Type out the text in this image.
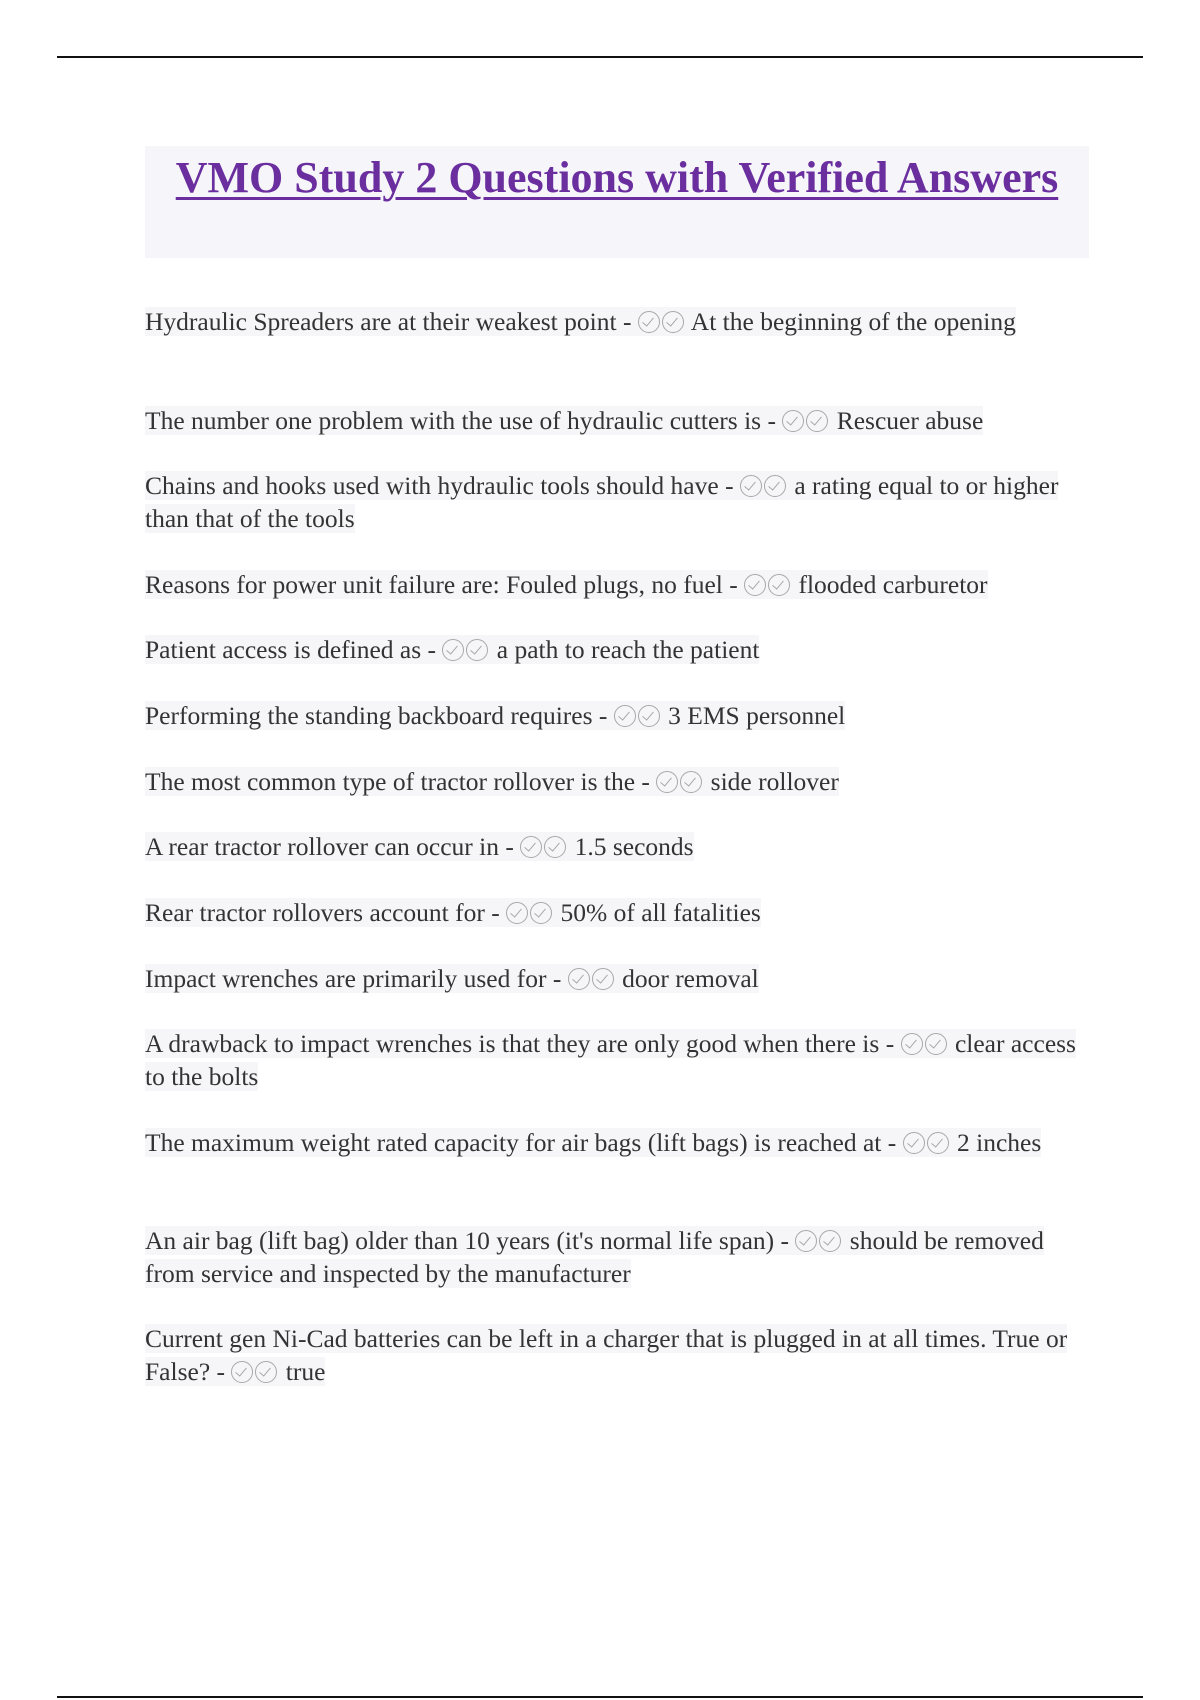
VMO Study 2 Questions with Verified Answers

Hydraulic Spreaders are at their weakest point -  At the beginning of the opening

The number one problem with the use of hydraulic cutters is -  Rescuer abuse

Chains and hooks used with hydraulic tools should have -  a rating equal to or higher than that of the tools

Reasons for power unit failure are: Fouled plugs, no fuel -  flooded carburetor

Patient access is defined as -  a path to reach the patient

Performing the standing backboard requires -  3 EMS personnel

The most common type of tractor rollover is the -  side rollover

A rear tractor rollover can occur in -  1.5 seconds

Rear tractor rollovers account for -  50% of all fatalities

Impact wrenches are primarily used for -  door removal

A drawback to impact wrenches is that they are only good when there is -  clear access to the bolts

The maximum weight rated capacity for air bags (lift bags) is reached at -  2 inches

An air bag (lift bag) older than 10 years (it's normal life span) -  should be removed from service and inspected by the manufacturer

Current gen Ni-Cad batteries can be left in a charger that is plugged in at all times. True or False? -  true
